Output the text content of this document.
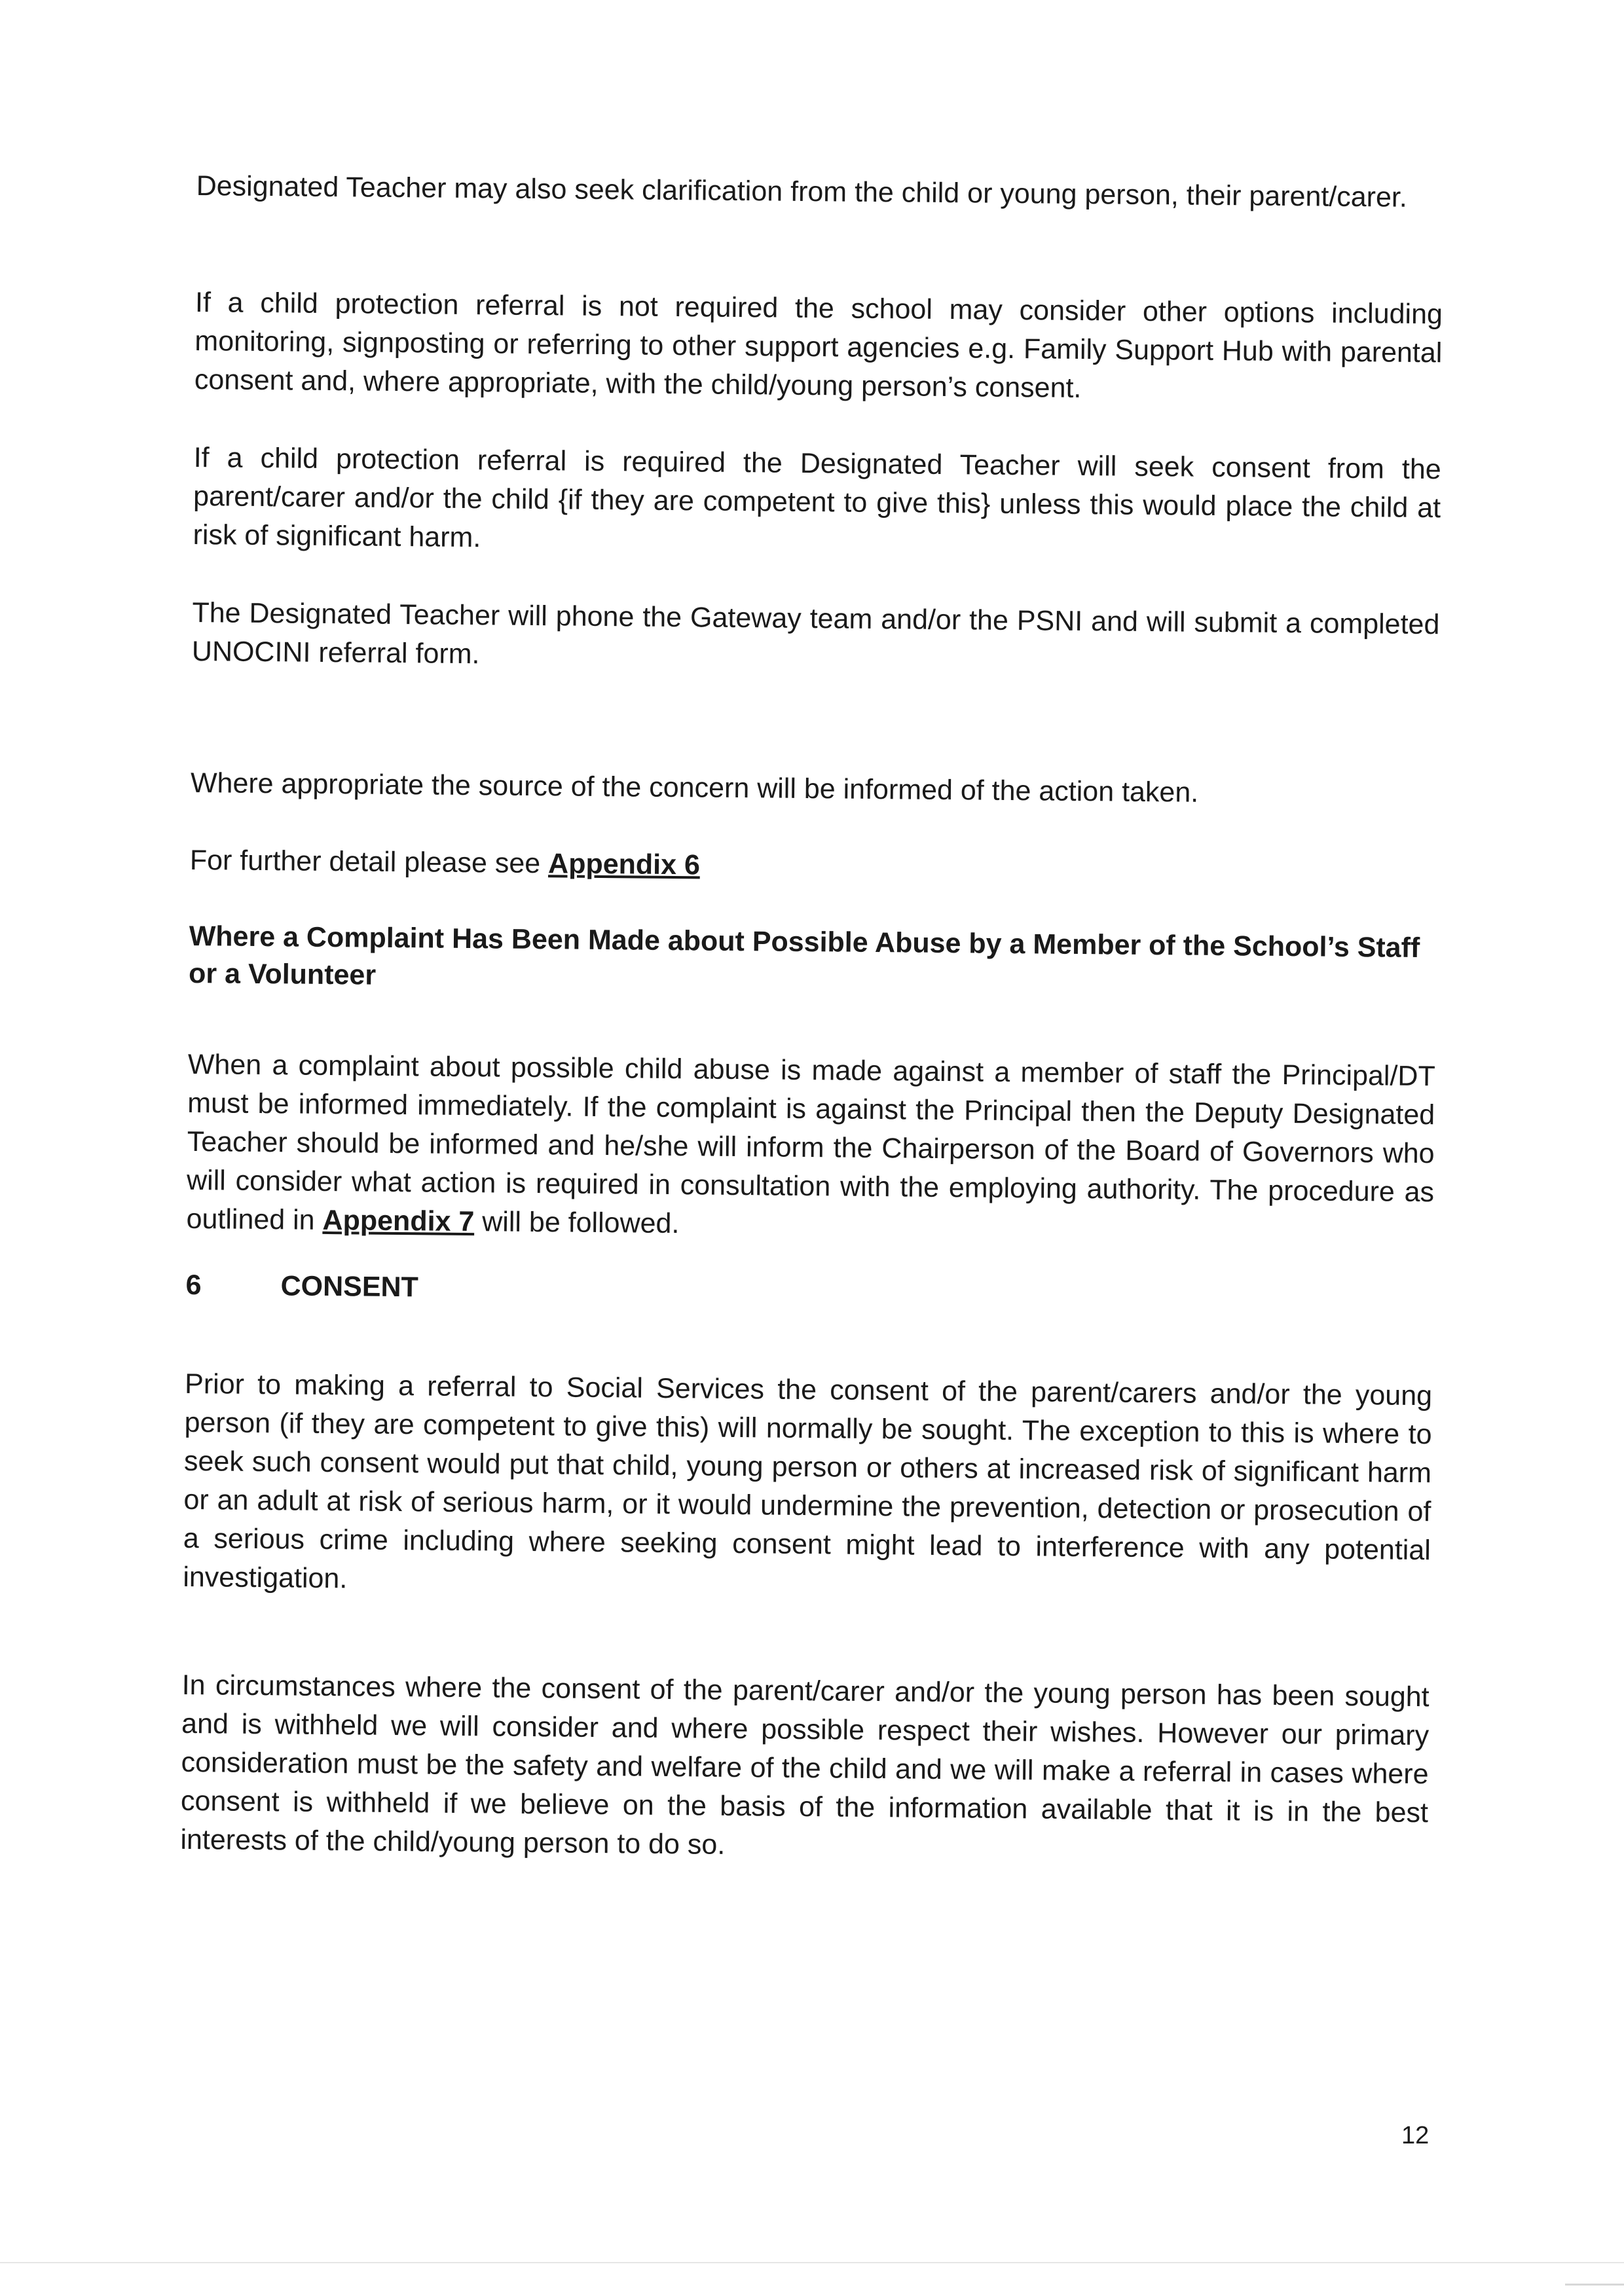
Designated Teacher may also seek clarification from the child or young person, their parent/carer.

If a child protection referral is not required the school may consider other options including monitoring, signposting or referring to other support agencies e.g. Family Support Hub with parental consent and, where appropriate, with the child/young person’s consent.

If a child protection referral is required the Designated Teacher will seek consent from the parent/carer and/or the child {if they are competent to give this} unless this would place the child at risk of significant harm.

The Designated Teacher will phone the Gateway team and/or the PSNI and will submit a completed UNOCINI referral form.

Where appropriate the source of the concern will be informed of the action taken.

For further detail please see Appendix 6

Where a Complaint Has Been Made about Possible Abuse by a Member of the School’s Staff or a Volunteer

When a complaint about possible child abuse is made against a member of staff the Principal/DT must be informed immediately. If the complaint is against the Principal then the Deputy Designated Teacher should be informed and he/she will inform the Chairperson of the Board of Governors who will consider what action is required in consultation with the employing authority. The procedure as outlined in Appendix 7 will be followed.

6	CONSENT

Prior to making a referral to Social Services the consent of the parent/carers and/or the young person (if they are competent to give this) will normally be sought. The exception to this is where to seek such consent would put that child, young person or others at increased risk of significant harm or an adult at risk of serious harm, or it would undermine the prevention, detection or prosecution of a serious crime including where seeking consent might lead to interference with any potential investigation.

In circumstances where the consent of the parent/carer and/or the young person has been sought and is withheld we will consider and where possible respect their wishes. However our primary consideration must be the safety and welfare of the child and we will make a referral in cases where consent is withheld if we believe on the basis of the information available that it is in the best interests of the child/young person to do so.

12
